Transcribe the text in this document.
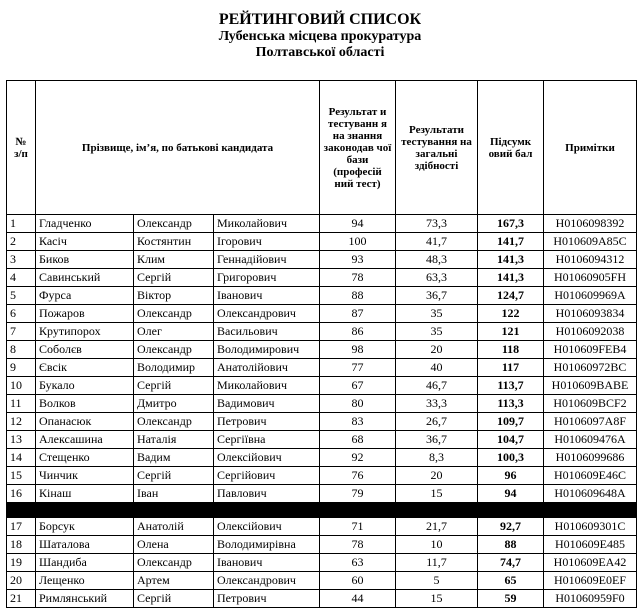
РЕЙТИНГОВИЙ СПИСОК
Лубенська місцева прокуратура
Полтавської області
№
з/п	Прізвище, ім’я, по батькові кандидата			Результат и тестуванн я на знання законодав чої бази (професій ний тест)	Результати тестування на загальні здібності	Підсумк овий бал	Примітки
1	Гладченко	Олександр	Миколайович	94	73,3	167,3	H0106098392
2	Касіч	Костянтин	Ігорович	100	41,7	141,7	H010609A85C
3	Биков	Клим	Геннадійович	93	48,3	141,3	H0106094312
4	Савинський	Сергій	Григорович	78	63,3	141,3	H01060905FH
5	Фурса	Віктор	Іванович	88	36,7	124,7	H010609969A
6	Пожаров	Олександр	Олександрович	87	35	122	H0106093834
7	Крутипорох	Олег	Васильович	86	35	121	H0106092038
8	Соболєв	Олександр	Володимирович	98	20	118	H010609FEB4
9	Євсік	Володимир	Анатолійович	77	40	117	H01060972BC
10	Букало	Сергій	Миколайович	67	46,7	113,7	H010609BABE
11	Волков	Дмитро	Вадимович	80	33,3	113,3	H010609BCF2
12	Опанасюк	Олександр	Петрович	83	26,7	109,7	H0106097A8F
13	Алексашина	Наталія	Сергіївна	68	36,7	104,7	H010609476A
14	Стещенко	Вадим	Олексійович	92	8,3	100,3	H0106099686
15	Чинчик	Сергій	Сергійович	76	20	96	H010609E46C
16	Кінаш	Іван	Павлович	79	15	94	H010609648A

17	Борсук	Анатолій	Олексійович	71	21,7	92,7	H010609301C
18	Шаталова	Олена	Володимирівна	78	10	88	H010609E485
19	Шандиба	Олександр	Іванович	63	11,7	74,7	H010609EA42
20	Лещенко	Артем	Олександрович	60	5	65	H010609E0EF
21	Римлянський	Сергій	Петрович	44	15	59	H01060959F0
